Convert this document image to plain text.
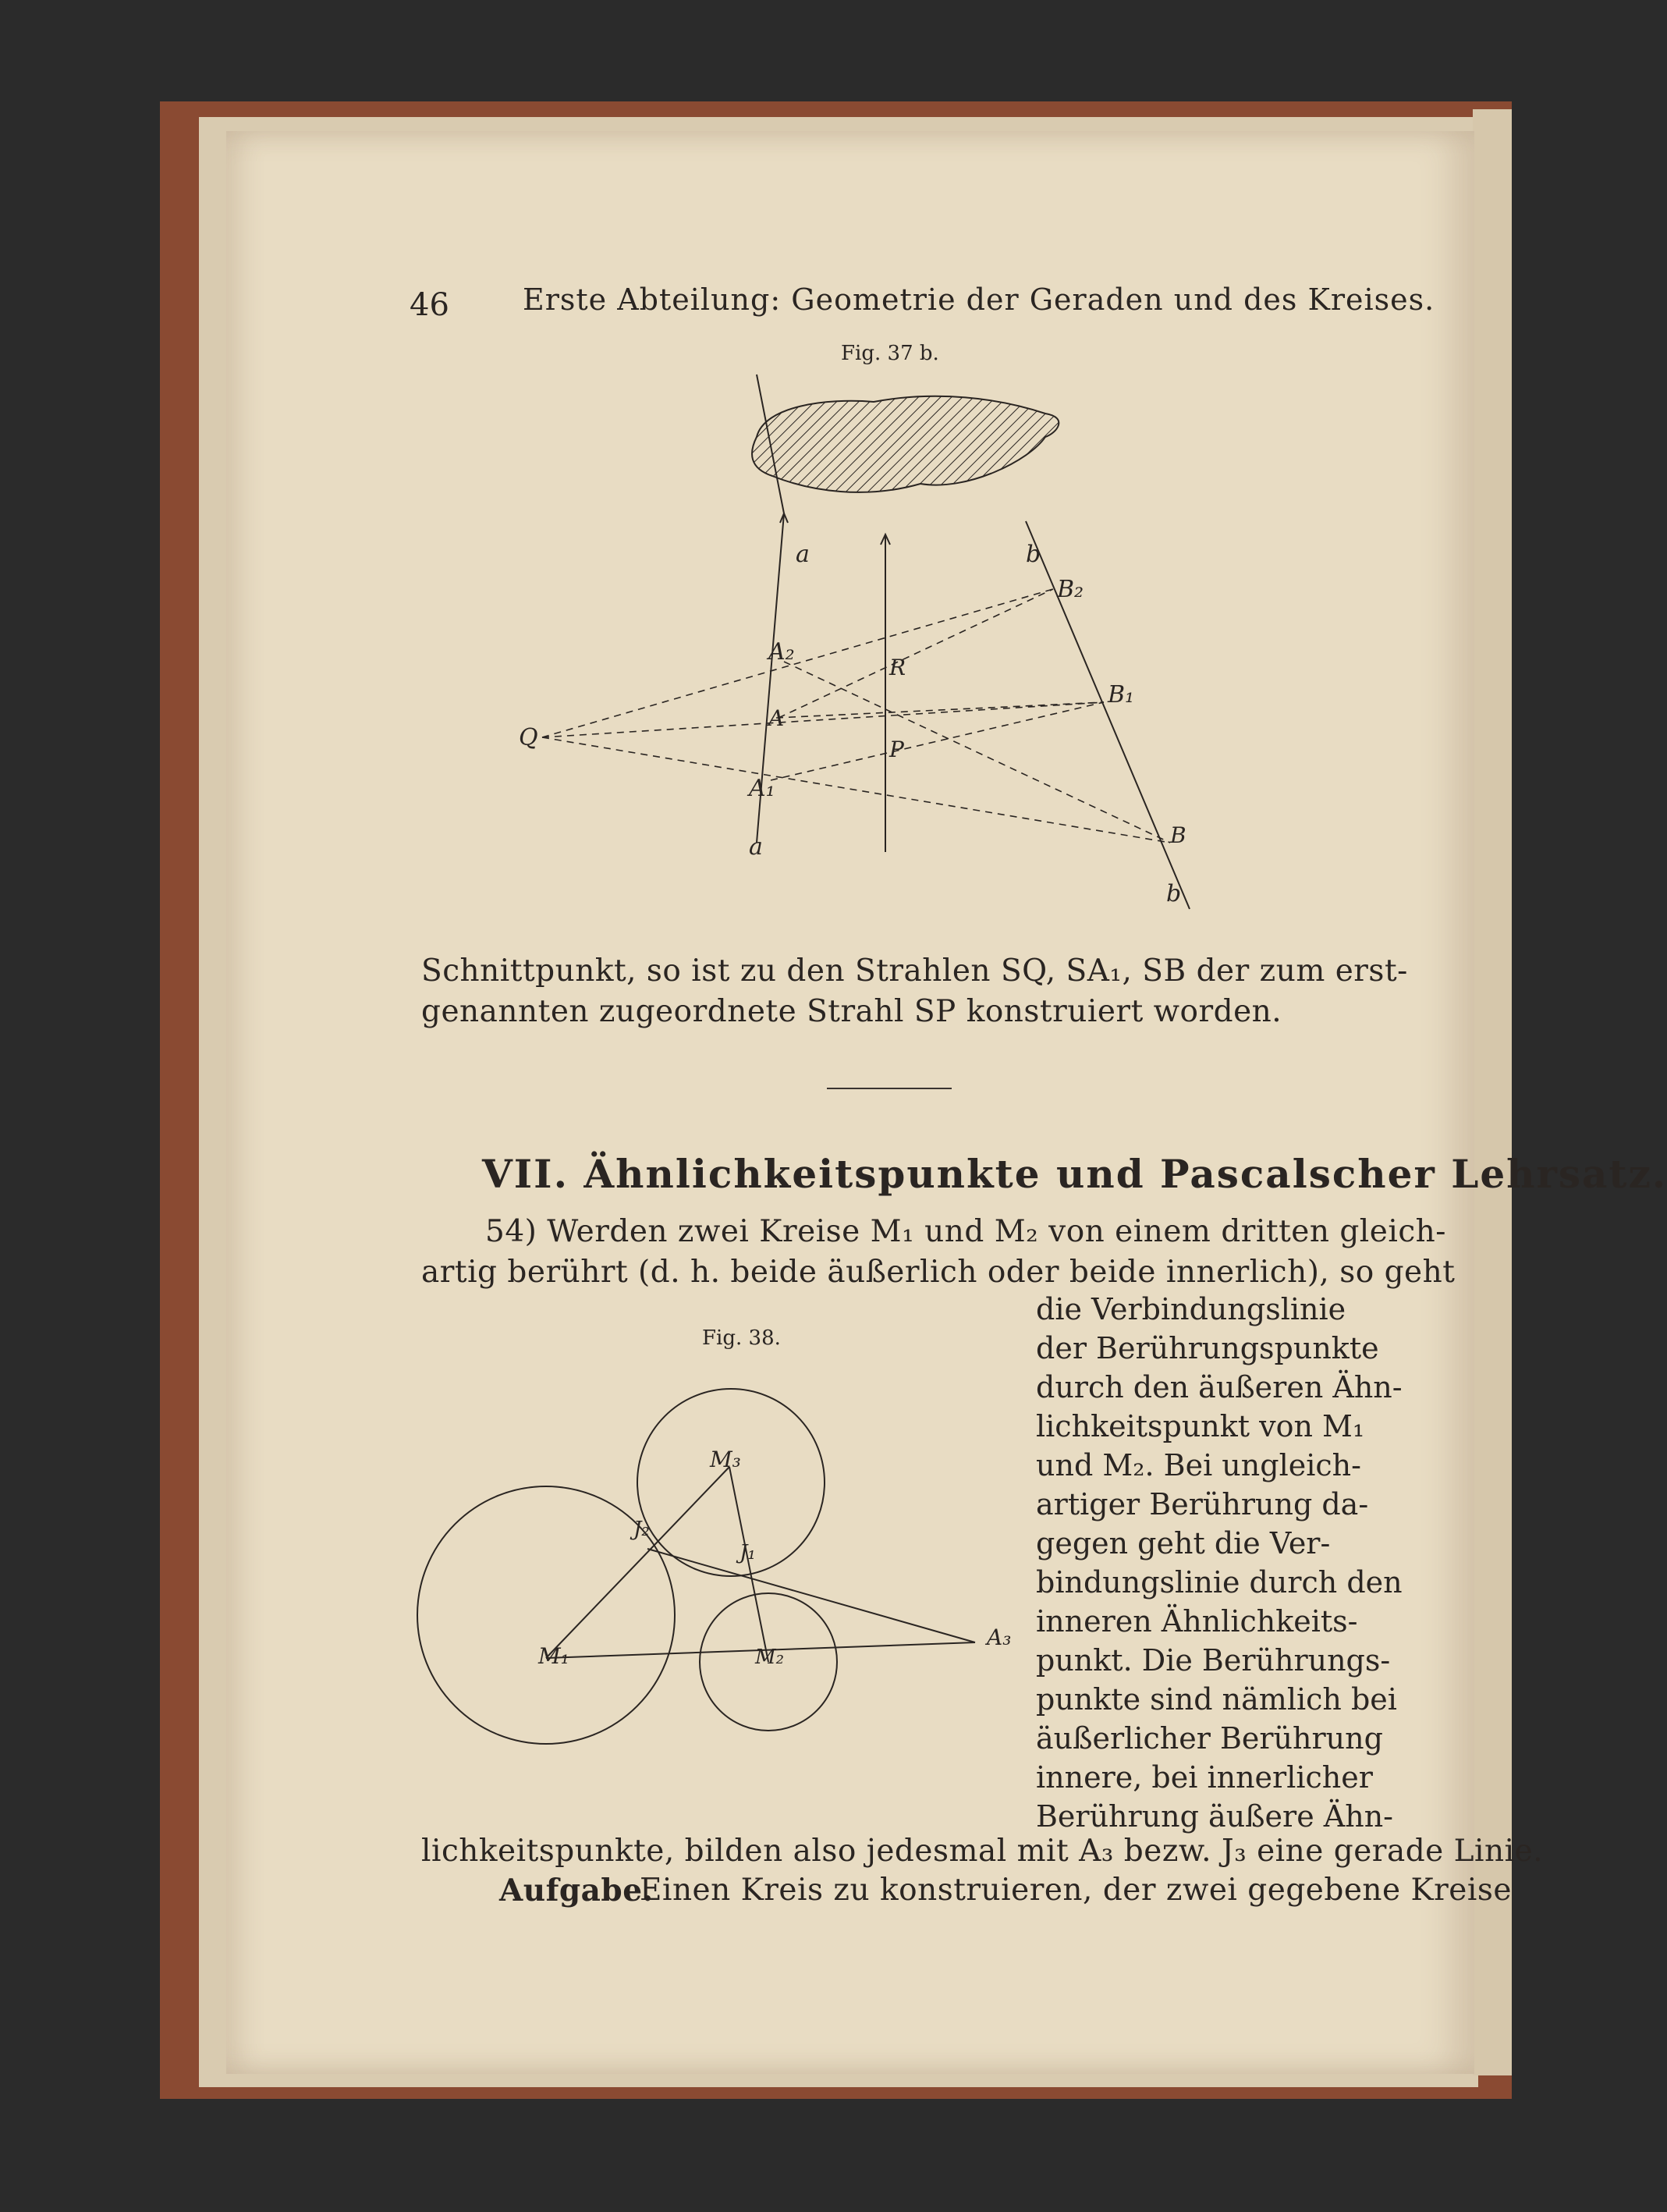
46 Erste Abteilung: Geometrie der Geraden und des Kreises.
Fig. 37 b.
a	b
B₂
A₂
R
B₁
Q
A
P
A₁
B
a
b
Schnittpunkt, so ist zu den Strahlen SQ, SA₁, SB der zum erst-
genannten zugeordnete Strahl SP konstruiert worden.
VII. Ähnlichkeitspunkte und Pascalscher Lehrsatz.
54) Werden zwei Kreise M₁ und M₂ von einem dritten gleich-
artig berührt (d. h. beide äußerlich oder beide innerlich), so geht
die Verbindungslinie
der Berührungspunkte
durch den äußeren Ähn-
lichkeitspunkt von M₁
und M₂. Bei ungleich-
artiger Berührung da-
gegen geht die Ver-
bindungslinie durch den
inneren Ähnlichkeits-
punkt. Die Berührungs-
punkte sind nämlich bei
äußerlicher Berührung
innere, bei innerlicher
Berührung äußere Ähn-
Fig. 38.
M₃
J₂
J₁
M₁	M₂
A₃
lichkeitspunkte, bilden also jedesmal mit A₃ bezw. J₃ eine gerade Linie.
Aufgabe.
Einen Kreis zu konstruieren, der zwei gegebene Kreise
